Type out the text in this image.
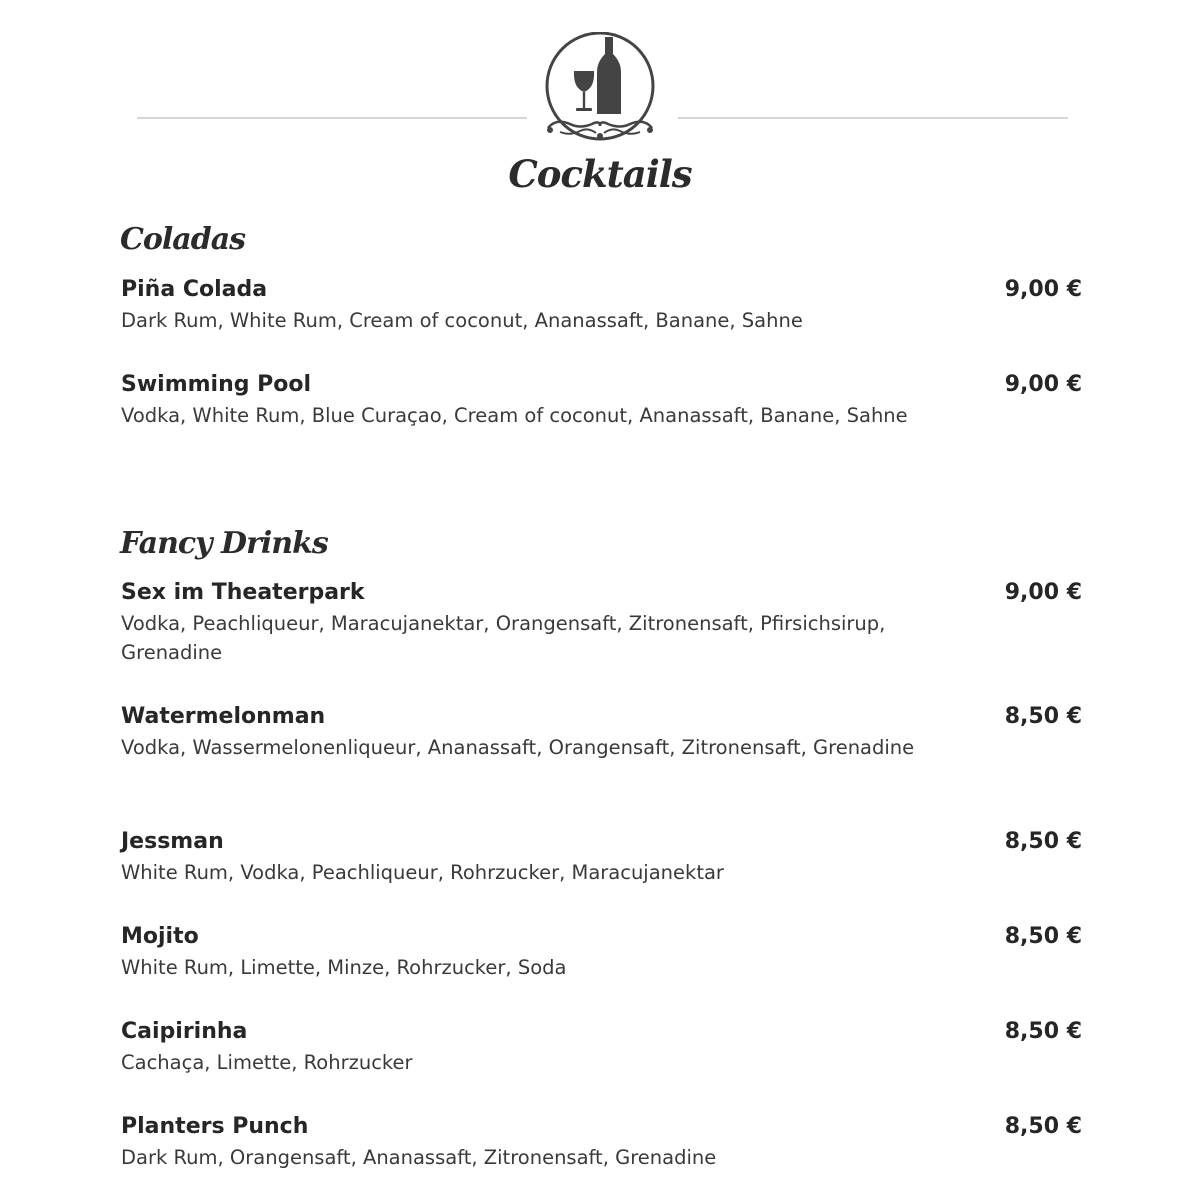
Cocktails
Coladas
Piña Colada	9,00 €
Dark Rum, White Rum, Cream of coconut, Ananassaft, Banane, Sahne
Swimming Pool	9,00 €
Vodka, White Rum, Blue Curaçao, Cream of coconut, Ananassaft, Banane, Sahne
Fancy Drinks
Sex im Theaterpark	9,00 €
Vodka, Peachliqueur, Maracujanektar, Orangensaft, Zitronensaft, Pfirsichsirup, Grenadine
Watermelonman	8,50 €
Vodka, Wassermelonenliqueur, Ananassaft, Orangensaft, Zitronensaft, Grenadine
Jessman	8,50 €
White Rum, Vodka, Peachliqueur, Rohrzucker, Maracujanektar
Mojito	8,50 €
White Rum, Limette, Minze, Rohrzucker, Soda
Caipirinha	8,50 €
Cachaça, Limette, Rohrzucker
Planters Punch	8,50 €
Dark Rum, Orangensaft, Ananassaft, Zitronensaft, Grenadine
